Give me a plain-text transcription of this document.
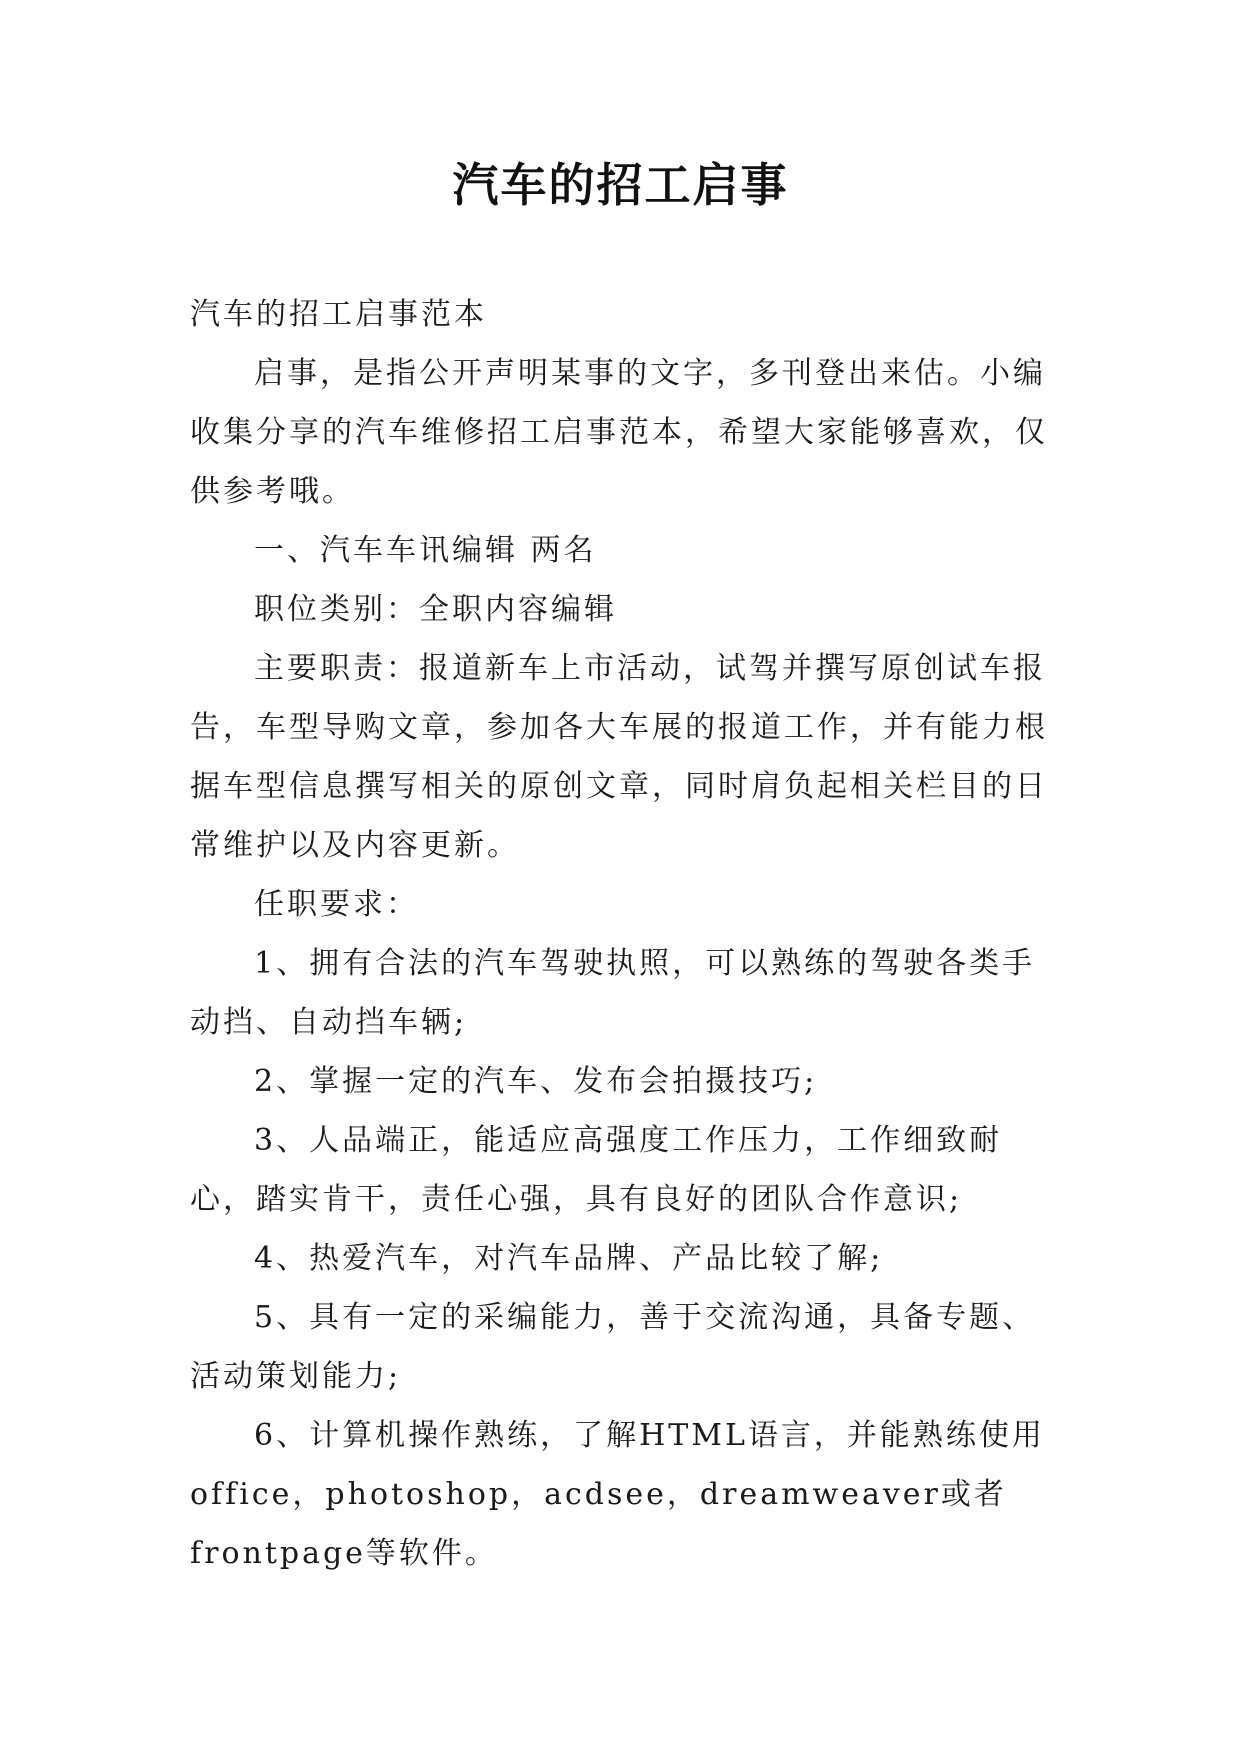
汽车的招工启事

汽车的招工启事范本

启事，是指公开声明某事的文字，多刊登出来估。小编收集分享的汽车维修招工启事范本，希望大家能够喜欢，仅供参考哦。

一、汽车车讯编辑 两名

职位类别：全职内容编辑

主要职责：报道新车上市活动，试驾并撰写原创试车报告，车型导购文章，参加各大车展的报道工作，并有能力根据车型信息撰写相关的原创文章，同时肩负起相关栏目的日常维护以及内容更新。

任职要求：

1、拥有合法的汽车驾驶执照，可以熟练的驾驶各类手动挡、自动挡车辆;

2、掌握一定的汽车、发布会拍摄技巧;

3、人品端正，能适应高强度工作压力，工作细致耐心，踏实肯干，责任心强，具有良好的团队合作意识;

4、热爱汽车，对汽车品牌、产品比较了解;

5、具有一定的采编能力，善于交流沟通，具备专题、活动策划能力;

6、计算机操作熟练，了解HTML语言，并能熟练使用office，photoshop，acdsee，dreamweaver或者frontpage等软件。
